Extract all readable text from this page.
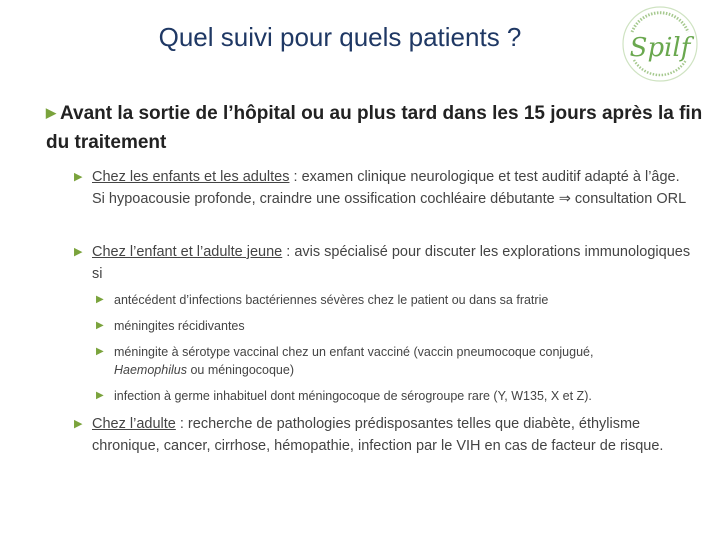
Quel suivi pour quels patients ?	Spilf
▶ Avant la sortie de l’hôpital ou au plus tard dans les 15 jours après la fin du traitement
▶ Chez les enfants et les adultes : examen clinique neurologique et test auditif adapté à l’âge. Si hypoacousie profonde, craindre une ossification cochléaire débutante ⇒ consultation ORL
▶ Chez l’enfant et l’adulte jeune : avis spécialisé pour discuter les explorations immunologiques si
▶ antécédent d’infections bactériennes sévères chez le patient ou dans sa fratrie
▶ méningites récidivantes
▶ méningite à sérotype vaccinal chez un enfant vacciné (vaccin pneumocoque conjugué,
Haemophilus ou méningocoque)
▶ infection à germe inhabituel dont méningocoque de sérogroupe rare (Y, W135, X et Z).
▶ Chez l’adulte : recherche de pathologies prédisposantes telles que diabète, éthylisme chronique, cancer, cirrhose, hémopathie, infection par le VIH en cas de facteur de risque.
